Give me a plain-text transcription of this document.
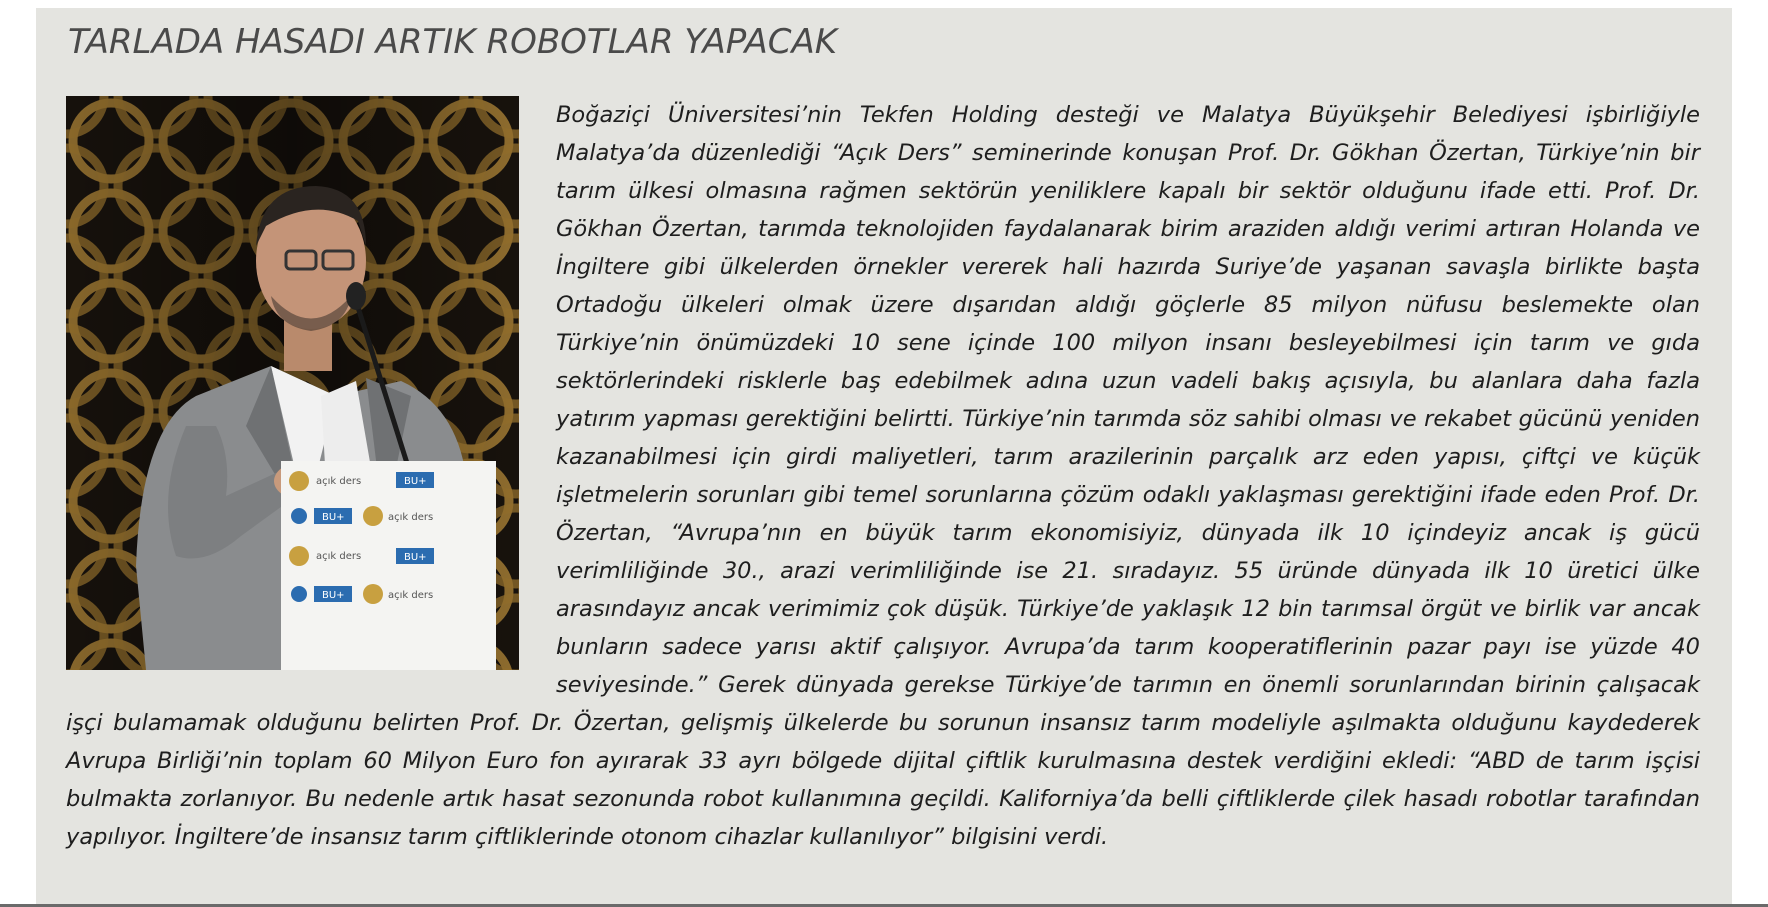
TARLADA HASADI ARTIK ROBOTLAR YAPACAK
açık ders	BU+
BU+	açık ders
açık ders	BU+
BU+	açık ders
Boğaziçi Üniversitesi’nin Tekfen Holding desteği ve Malatya Büyükşehir Belediyesi işbirliğiyle Malatya’da düzenlediği “Açık Ders” seminerinde konuşan Prof. Dr. Gökhan Özertan, Türkiye’nin bir tarım ülkesi olmasına rağmen sektörün yeniliklere kapalı bir sektör olduğunu ifade etti. Prof. Dr. Gökhan Özertan, tarımda teknolojiden faydalanarak birim araziden aldığı verimi artıran Holanda ve İngiltere gibi ülkelerden örnekler vererek hali hazırda Suriye’de yaşanan savaşla birlikte başta Ortadoğu ülkeleri olmak üzere dışarıdan aldığı göçlerle 85 milyon nüfusu beslemekte olan Türkiye’nin önümüzdeki 10 sene içinde 100 milyon insanı besleyebilmesi için tarım ve gıda sektörlerindeki risklerle baş edebilmek adına uzun vadeli bakış açısıyla, bu alanlara daha fazla yatırım yapması gerektiğini belirtti. Türkiye’nin tarımda söz sahibi olması ve rekabet gücünü yeniden kazanabilmesi için girdi maliyetleri, tarım arazilerinin parçalık arz eden yapısı, çiftçi ve küçük işletmelerin sorunları gibi temel sorunlarına çözüm odaklı yaklaşması gerektiğini ifade eden Prof. Dr. Özertan, “Avrupa’nın en büyük tarım ekonomisiyiz, dünyada ilk 10 içindeyiz ancak iş gücü verimliliğinde 30., arazi verimliliğinde ise 21. sıradayız. 55 üründe dünyada ilk 10 üretici ülke arasındayız ancak verimimiz çok düşük. Türkiye’de yaklaşık 12 bin tarımsal örgüt ve birlik var ancak bunların sadece yarısı aktif çalışıyor. Avrupa’da tarım kooperatiflerinin pazar payı ise yüzde 40 seviyesinde.” Gerek dünyada gerekse Türkiye’de tarımın en önemli sorunlarından birinin çalışacak işçi bulamamak olduğunu belirten Prof. Dr. Özertan, gelişmiş ülkelerde bu sorunun insansız tarım modeliyle aşılmakta olduğunu kaydederek Avrupa Birliği’nin toplam 60 Milyon Euro fon ayırarak 33 ayrı bölgede dijital çiftlik kurulmasına destek verdiğini ekledi: “ABD de tarım işçisi bulmakta zorlanıyor. Bu nedenle artık hasat sezonunda robot kullanımına geçildi. Kaliforniya’da belli çiftliklerde çilek hasadı robotlar tarafından yapılıyor. İngiltere’de insansız tarım çiftliklerinde otonom cihazlar kullanılıyor” bilgisini verdi.
